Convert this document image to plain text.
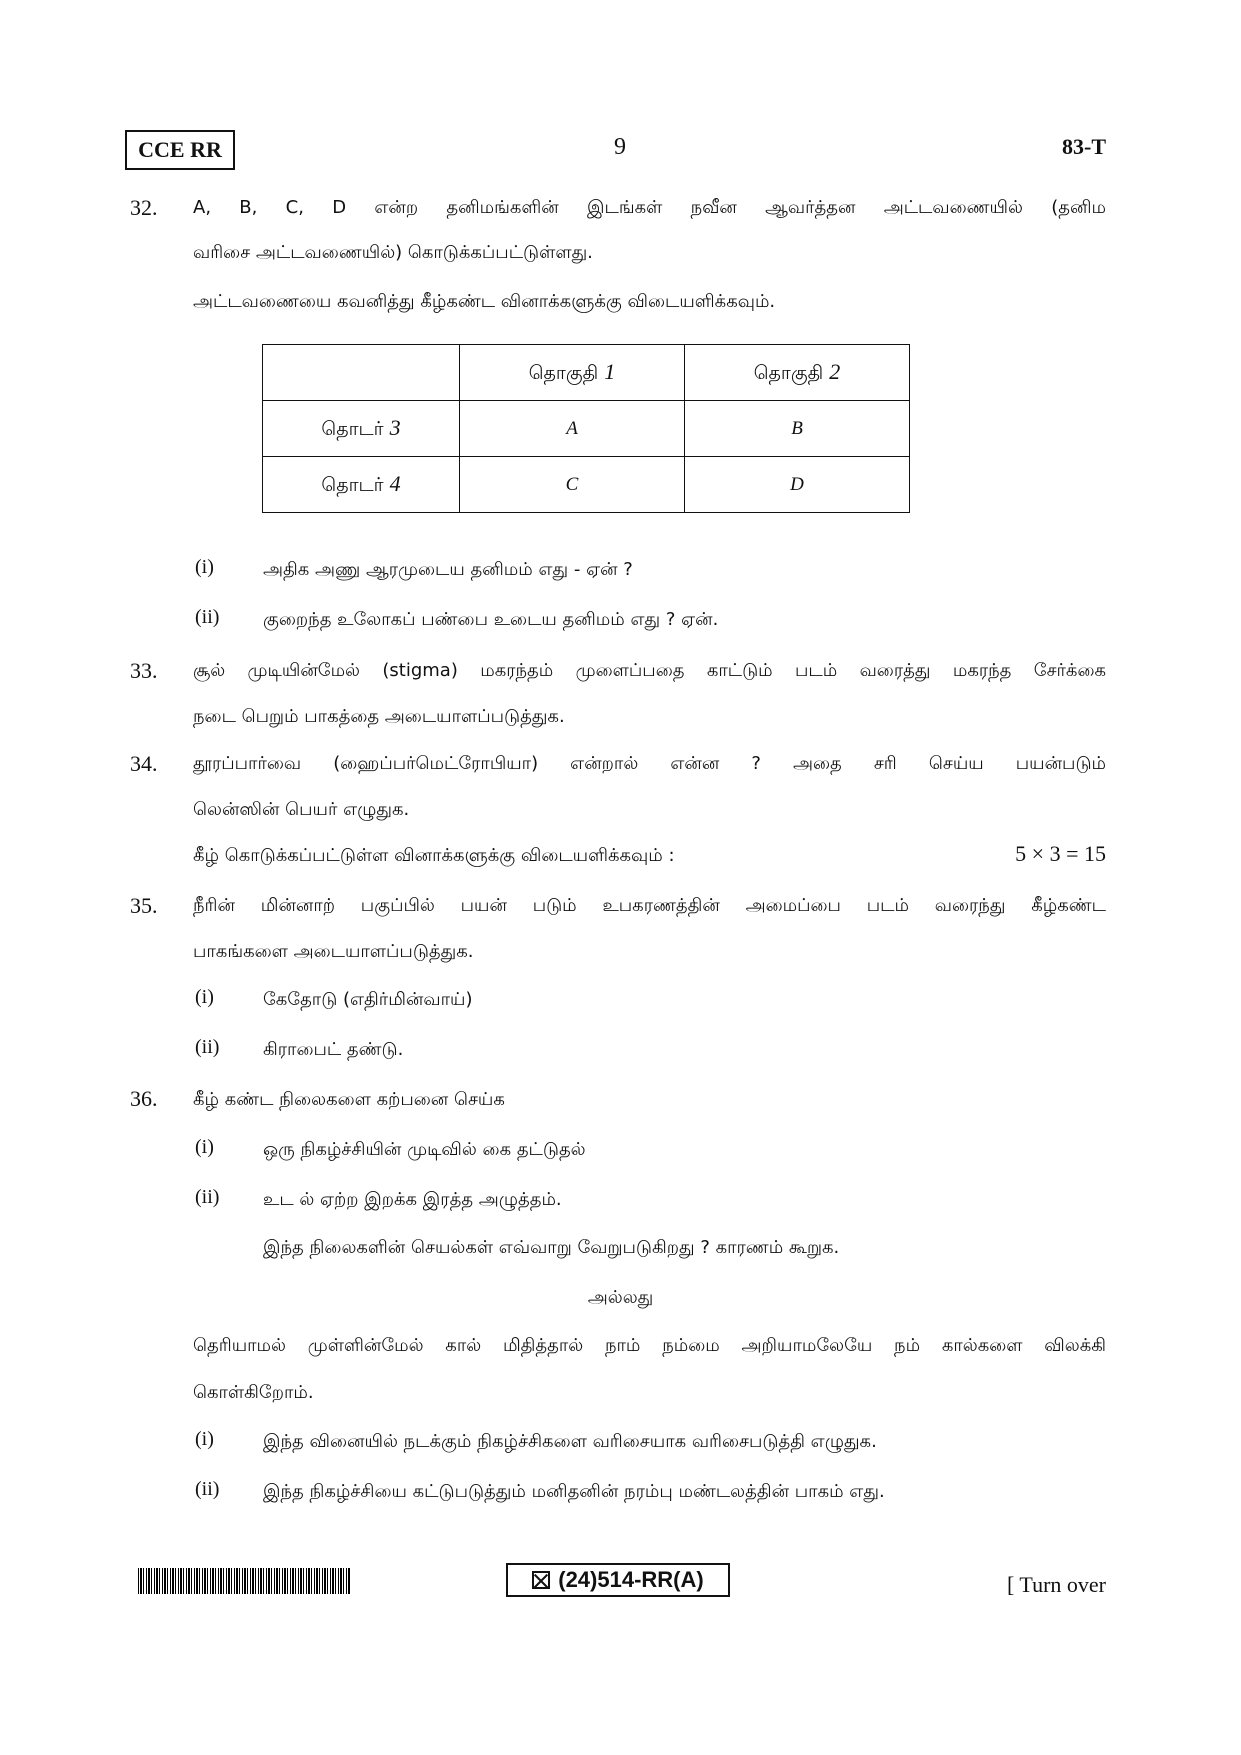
CCE RR	9	83-T
32. A, B, C, D என்ற தனிமங்களின் இடங்கள் நவீன ஆவர்த்தன அட்டவணையில் (தனிம
வரிசை அட்டவணையில்) கொடுக்கப்பட்டுள்ளது.
அட்டவணையை கவனித்து கீழ்கண்ட வினாக்களுக்கு விடையளிக்கவும்.
	தொகுதி 1	தொகுதி 2
தொடர் 3	A	B
தொடர் 4	C	D
(i)	அதிக அணு ஆரமுடைய தனிமம் எது - ஏன் ?
(ii) குறைந்த உலோகப் பண்பை உடைய தனிமம் எது ? ஏன்.
33. சூல் முடியின்மேல் (stigma) மகரந்தம் முளைப்பதை காட்டும் படம் வரைத்து மகரந்த சேர்க்கை
நடை பெறும் பாகத்தை அடையாளப்படுத்துக.
34. தூரப்பார்வை (ஹைப்பர்மெட்ரோபியா) என்றால் என்ன ? அதை சரி செய்ய பயன்படும்
லென்ஸின் பெயர் எழுதுக.
கீழ் கொடுக்கப்பட்டுள்ள வினாக்களுக்கு விடையளிக்கவும் :	5 × 3 = 15
35. நீரின் மின்னாற் பகுப்பில் பயன் படும் உபகரணத்தின் அமைப்பை படம் வரைந்து கீழ்கண்ட
பாகங்களை அடையாளப்படுத்துக.
(i)	கேதோடு (எதிர்மின்வாய்)
(ii) கிராபைட் தண்டு.
36. கீழ் கண்ட நிலைகளை கற்பனை செய்க
(i)	ஒரு நிகழ்ச்சியின் முடிவில் கை தட்டுதல்
(ii) உட ல் ஏற்ற இறக்க இரத்த அழுத்தம்.
இந்த நிலைகளின் செயல்கள் எவ்வாறு வேறுபடுகிறது ? காரணம் கூறுக.
அல்லது
தெரியாமல் முள்ளின்மேல் கால் மிதித்தால் நாம் நம்மை அறியாமலேயே நம் கால்களை விலக்கி
கொள்கிறோம்.
(i)	இந்த வினையில் நடக்கும் நிகழ்ச்சிகளை வரிசையாக வரிசைபடுத்தி எழுதுக.
(ii) இந்த நிகழ்ச்சியை கட்டுபடுத்தும் மனிதனின் நரம்பு மண்டலத்தின் பாகம் எது.
(24)514-RR(A)	[ Turn over
